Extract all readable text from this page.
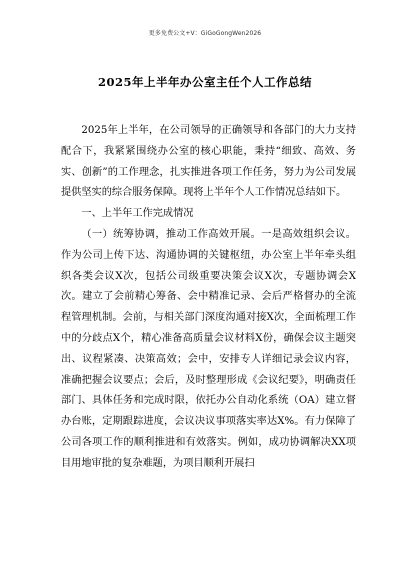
更多免费公文+V：GiGoGongWen2026
2025年上半年办公室主任个人工作总结

2025年上半年，在公司领导的正确领导和各部门的大力支持配合下，我紧紧围绕办公室的核心职能，秉持“细致、高效、务实、创新”的工作理念，扎实推进各项工作任务，努力为公司发展提供坚实的综合服务保障。现将上半年个人工作情况总结如下。

一、上半年工作完成情况

（一）统筹协调，推动工作高效开展。一是高效组织会议。作为公司上传下达、沟通协调的关键枢纽，办公室上半年牵头组织各类会议X次，包括公司级重要决策会议X次，专题协调会X次。建立了会前精心筹备、会中精准记录、会后严格督办的全流程管理机制。会前，与相关部门深度沟通对接X次，全面梳理工作中的分歧点X个，精心准备高质量会议材料X份，确保会议主题突出、议程紧凑、决策高效；会中，安排专人详细记录会议内容，准确把握会议要点；会后，及时整理形成《会议纪要》，明确责任部门、具体任务和完成时限，依托办公自动化系统（OA）建立督办台账，定期跟踪进度，会议决议事项落实率达X%。有力保障了公司各项工作的顺利推进和有效落实。例如，成功协调解决XX项目用地审批的复杂难题，为项目顺利开展扫
